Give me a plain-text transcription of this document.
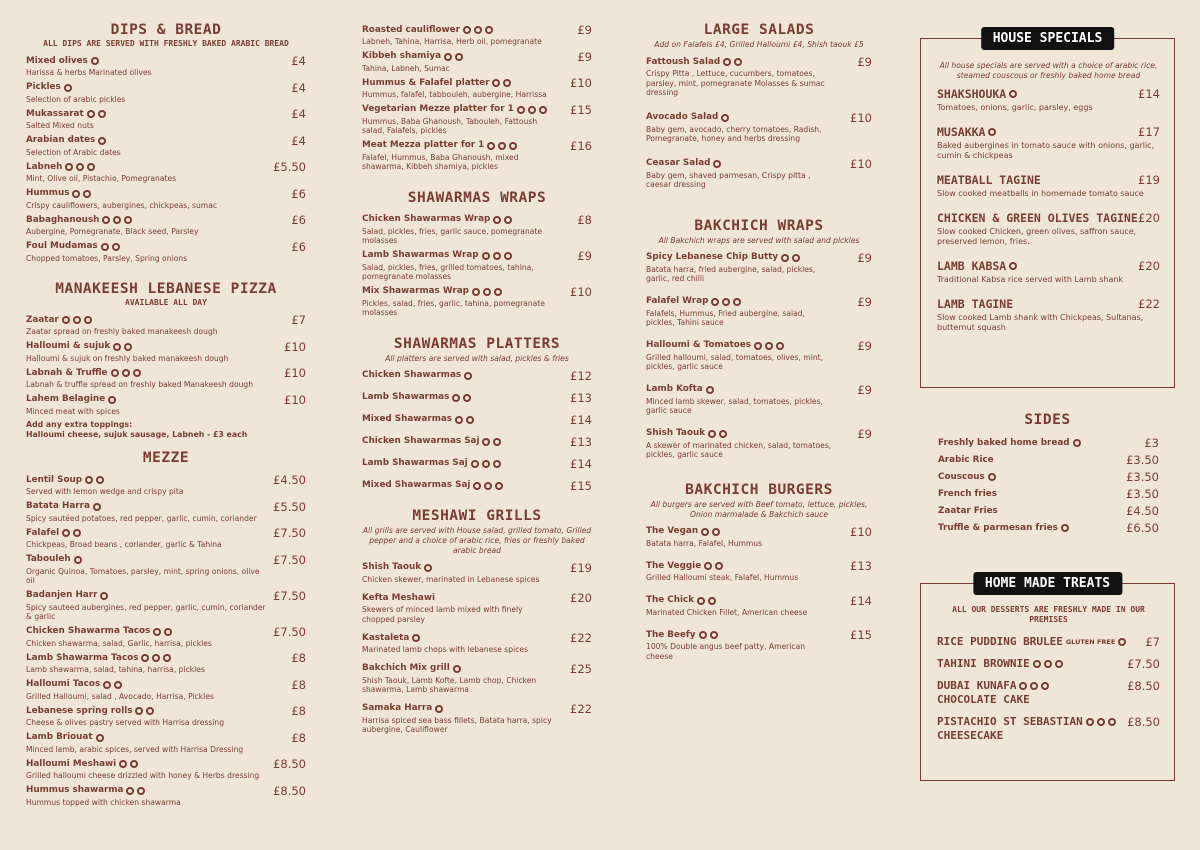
DIPS & BREAD
ALL DIPS ARE SERVED WITH FRESHLY BAKED ARABIC BREAD
Mixed olives	£4
Harissa & herbs Marinated olives
Pickles	£4
Selection of arabic pickles
Mukassarat	£4
Salted Mixed nuts
Arabian dates	£4
Selection of Arabic dates
Labneh	£5.50
Mint, Olive oil, Pistachio, Pomegranates
Hummus	£6
Crispy cauliflowers, aubergines, chickpeas, sumac
Babaghanoush	£6
Aubergine, Pomegranate, Black seed, Parsley
Foul Mudamas	£6
Chopped tomatoes, Parsley, Spring onions
MANAKEESH LEBANESE PIZZA
AVAILABLE ALL DAY
Zaatar	£7
Zaatar spread on freshly baked manakeesh dough
Halloumi & sujuk	£10
Halloumi & sujuk on freshly baked manakeesh dough
Labnah & Truffle	£10
Labnah & truffle spread on freshly baked Manakeesh dough
Lahem Belagine	£10
Minced meat with spices
Add any extra toppings:
Halloumi cheese, sujuk sausage, Labneh - £3 each
MEZZE
Lentil Soup	£4.50
Served with lemon wedge and crispy pita
Batata Harra	£5.50
Spicy sautéed potatoes, red pepper, garlic, cumin, coriander
Falafel	£7.50
Chickpeas, Broad beans , coriander, garlic & Tahina
Tabouleh	£7.50
Organic Quinoa, Tomatoes, parsley, mint, spring onions, olive oil
Badanjen Harr	£7.50
Spicy sauteed aubergines, red pepper, garlic, cumin, coriander & garlic
Chicken Shawarma Tacos	£7.50
Chicken shawarma, salad, Garlic, harrisa, pickles
Lamb Shawarma Tacos	£8
Lamb shawarma, salad, tahina, harrisa, pickles
Halloumi Tacos	£8
Grilled Halloumi, salad , Avocado, Harrisa, Pickles
Lebanese spring rolls	£8
Cheese & olives pastry served with Harrisa dressing
Lamb Briouat	£8
Minced lamb, arabic spices, served with Harrisa Dressing
Halloumi Meshawi	£8.50
Grilled halloumi cheese drizzled with honey & Herbs dressing
Hummus shawarma	£8.50
Hummus topped with chicken shawarma
Roasted cauliflower	£9
Labneh, Tahina, Harrisa, Herb oil, pomegranate
Kibbeh shamiya	£9
Tahina, Labneh, Sumac
Hummus & Falafel platter	£10
Hummus, falafel, tabbouleh, aubergine, Harrissa
Vegetarian Mezze platter for 1	£15
Hummus, Baba Ghanoush, Tabouleh, Fattoush salad, Falafels, pickles
Meat Mezza platter for 1	£16
Falafel, Hummus, Baba Ghanoush, mixed shawarma, Kibbeh shamiya, pickles
SHAWARMAS WRAPS
Chicken Shawarmas Wrap	£8
Salad, pickles, fries, garlic sauce, pomegranate molasses
Lamb Shawarmas Wrap	£9
Salad, pickles, fries, grilled tomatoes, tahina, pomegranate molasses
Mix Shawarmas Wrap	£10
Pickles, salad, fries, garlic, tahina, pomegranate molasses
SHAWARMAS PLATTERS
All platters are served with salad, pickles & fries
Chicken Shawarmas	£12
Lamb Shawarmas	£13
Mixed Shawarmas	£14
Chicken Shawarmas Saj	£13
Lamb Shawarmas Saj	£14
Mixed Shawarmas Saj	£15
MESHAWI GRILLS
All grills are served with House salad, grilled tomato, Grilled pepper and a choice of arabic rice, fries or freshly baked arabic bread
Shish Taouk	£19
Chicken skewer, marinated in Lebanese spices
Kefta Meshawi	£20
Skewers of minced lamb mixed with finely chopped parsley
Kastaleta	£22
Marinated lamb chops with lebanese spices
Bakchich Mix grill	£25
Shish Taouk, Lamb Kofte, Lamb chop, Chicken shawarma, Lamb shawarma
Samaka Harra	£22
Harrisa spiced sea bass fillets, Batata harra, spicy aubergine, Cauliflower
LARGE SALADS
Add on Falafels £4, Grilled Halloumi £4, Shish taouk £5
Fattoush Salad	£9
Crispy Pitta , Lettuce, cucumbers, tomatoes, parsley, mint, pomegranate Molasses & sumac dressing
Avocado Salad	£10
Baby gem, avocado, cherry tomatoes, Radish, Pomegranate, honey and herbs dressing
Ceasar Salad	£10
Baby gem, shaved parmesan, Crispy pitta , caesar dressing
BAKCHICH WRAPS
All Bakchich wraps are served with salad and pickles
Spicy Lebanese Chip Butty	£9
Batata harra, fried aubergine, salad, pickles, garlic, red chilli
Falafel Wrap	£9
Falafels, Hummus, Fried aubergine, salad, pickles, Tahini sauce
Halloumi & Tomatoes	£9
Grilled halloumi, salad, tomatoes, olives, mint, pickles, garlic sauce
Lamb Kofta	£9
Minced lamb skewer, salad, tomatoes, pickles, garlic sauce
Shish Taouk	£9
A skewer of marinated chicken, salad, tomatoes, pickles, garlic sauce
BAKCHICH BURGERS
All burgers are served with Beef tomato, lettuce, pickles, Onion marmalade & Bakchich sauce
The Vegan	£10
Batata harra, Falafel, Hummus
The Veggie	£13
Grilled Halloumi steak, Falafel, Hummus
The Chick	£14
Marinated Chicken Fillet, American cheese
The Beefy	£15
100% Double angus beef patty, American cheese
HOUSE SPECIALS
All house specials are served with a choice of arabic rice, steamed couscous or freshly baked home bread
SHAKSHOUKA	£14
Tomatoes, onions, garlic, parsley, eggs
MUSAKKA	£17
Baked aubergines in tomato sauce with onions, garlic, cumin & chickpeas
MEATBALL TAGINE	£19
Slow cooked meatballs in homemade tomato sauce
CHICKEN & GREEN OLIVES TAGINE £20
Slow cooked Chicken, green olives, saffron sauce, preserved lemon, fries.
LAMB KABSA	£20
Traditional Kabsa rice served with Lamb shank
LAMB TAGINE	£22
Slow cooked Lamb shank with Chickpeas, Sultanas, butternut squash
SIDES
Freshly baked home bread	£3
Arabic Rice	£3.50
Couscous	£3.50
French fries	£3.50
Zaatar Fries	£4.50
Truffle & parmesan fries	£6.50
HOME MADE TREATS
ALL OUR DESSERTS ARE FRESHLY MADE IN OUR PREMISES
RICE PUDDING BRULEE GLUTEN FREE	£7
TAHINI BROWNIE	£7.50
DUBAI KUNAFA
CHOCOLATE CAKE
£8.50
PISTACHIO ST SEBASTIAN
CHEESECAKE
£8.50
